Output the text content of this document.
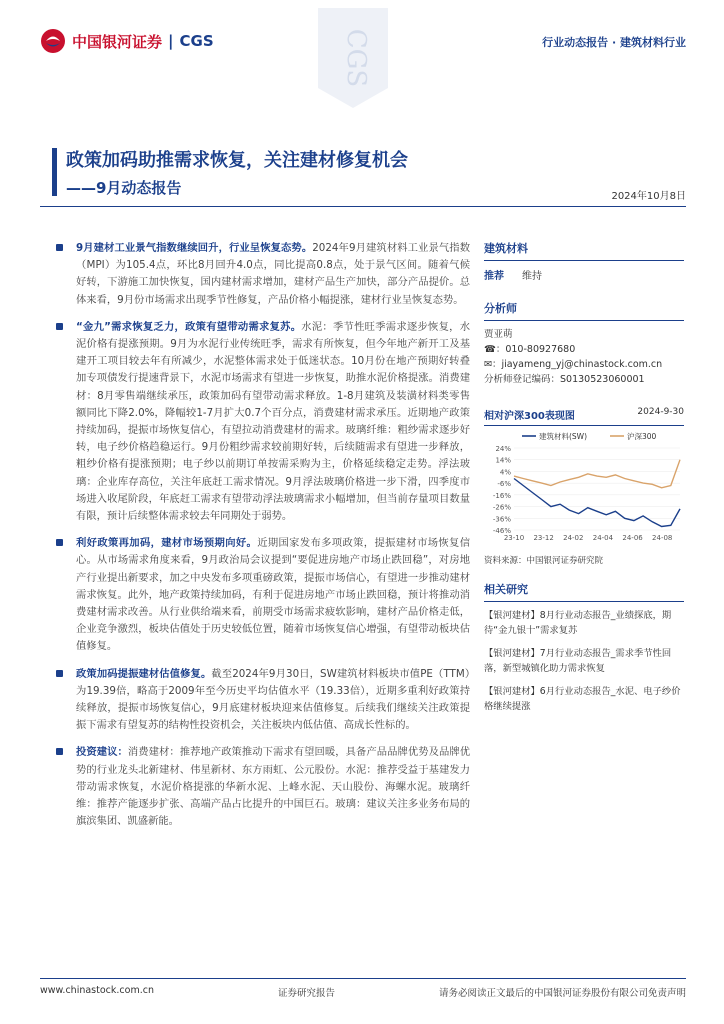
中国银河证券 | CGS	CGS	行业动态报告 · 建筑材料行业
政策加码助推需求恢复，关注建材修复机会
——9月动态报告	2024年10月8日
9月建材工业景气指数继续回升，行业呈恢复态势。2024年9月建筑材料工业景气指数（MPI）为105.4点，环比8月回升4.0点，同比提高0.8点，处于景气区间。随着气候好转，下游施工加快恢复，国内建材需求增加，建材产品生产加快，部分产品提价。总体来看，9月份市场需求出现季节性修复，产品价格小幅提涨，建材行业呈恢复态势。
“金九”需求恢复乏力，政策有望带动需求复苏。水泥：季节性旺季需求逐步恢复，水泥价格有提涨预期。9月为水泥行业传统旺季，需求有所恢复，但今年地产新开工及基建开工项目较去年有所减少，水泥整体需求处于低迷状态。10月份在地产预期好转叠加专项债发行提速背景下，水泥市场需求有望进一步恢复，助推水泥价格提涨。消费建材：8月零售端继续承压，政策加码有望带动需求释放。1-8月建筑及装潢材料类零售额同比下降2.0%，降幅较1-7月扩大0.7个百分点，消费建材需求承压。近期地产政策持续加码，提振市场恢复信心，有望拉动消费建材的需求。玻璃纤维：粗纱需求逐步好转，电子纱价格趋稳运行。9月份粗纱需求较前期好转，后续随需求有望进一步释放，粗纱价格有提涨预期；电子纱以前期订单按需采购为主，价格延续稳定走势。浮法玻璃：企业库存高位，关注年底赶工需求情况。9月浮法玻璃价格进一步下滑，四季度市场进入收尾阶段，年底赶工需求有望带动浮法玻璃需求小幅增加，但当前存量项目数量有限，预计后续整体需求较去年同期处于弱势。
利好政策再加码，建材市场预期向好。近期国家发布多项政策，提振建材市场恢复信心。从市场需求角度来看，9月政治局会议提到“要促进房地产市场止跌回稳”，对房地产行业提出新要求，加之中央发布多项重磅政策，提振市场信心，有望进一步推动建材需求恢复。此外，地产政策持续加码，有利于促进房地产市场止跌回稳，预计将推动消费建材需求改善。从行业供给端来看，前期受市场需求疲软影响，建材产品价格走低，企业竞争激烈，板块估值处于历史较低位置，随着市场恢复信心增强，有望带动板块估值修复。
政策加码提振建材估值修复。截至2024年9月30日，SW建筑材料板块市值PE（TTM）为19.39倍，略高于2009年至今历史平均估值水平（19.33倍），近期多重利好政策持续释放，提振市场恢复信心，9月底建材板块迎来估值修复。后续我们继续关注政策提振下需求有望复苏的结构性投资机会，关注板块内低估值、高成长性标的。
投资建议：消费建材：推荐地产政策推动下需求有望回暖，具备产品品牌优势及品牌优势的行业龙头北新建材、伟星新材、东方雨虹、公元股份。水泥：推荐受益于基建发力带动需求恢复，水泥价格提涨的华新水泥、上峰水泥、天山股份、海螺水泥。玻璃纤维：推荐产能逐步扩张、高端产品占比提升的中国巨石。玻璃：建议关注多业务布局的旗滨集团、凯盛新能。
建筑材料
推荐 维持
分析师
贾亚萌
☎：010-80927680
✉：jiayameng_yj@chinastock.com.cn
分析师登记编码：S0130523060001
相对沪深300表现图	2024-9-30
24%
14%
4%
-6%
-16%
-26%
-36%
-46%
23-10 23-12 24-02 24-04 24-06 24-08
建筑材料(SW)	沪深300
资料来源：中国银河证券研究院
相关研究
【银河建材】8月行业动态报告_业绩探底，期待“金九银十”需求复苏
【银河建材】7月行业动态报告_需求季节性回落，新型城镇化助力需求恢复
【银河建材】6月行业动态报告_水泥、电子纱价格继续提涨
www.chinastock.com.cn	证券研究报告	请务必阅读正文最后的中国银河证券股份有限公司免责声明
